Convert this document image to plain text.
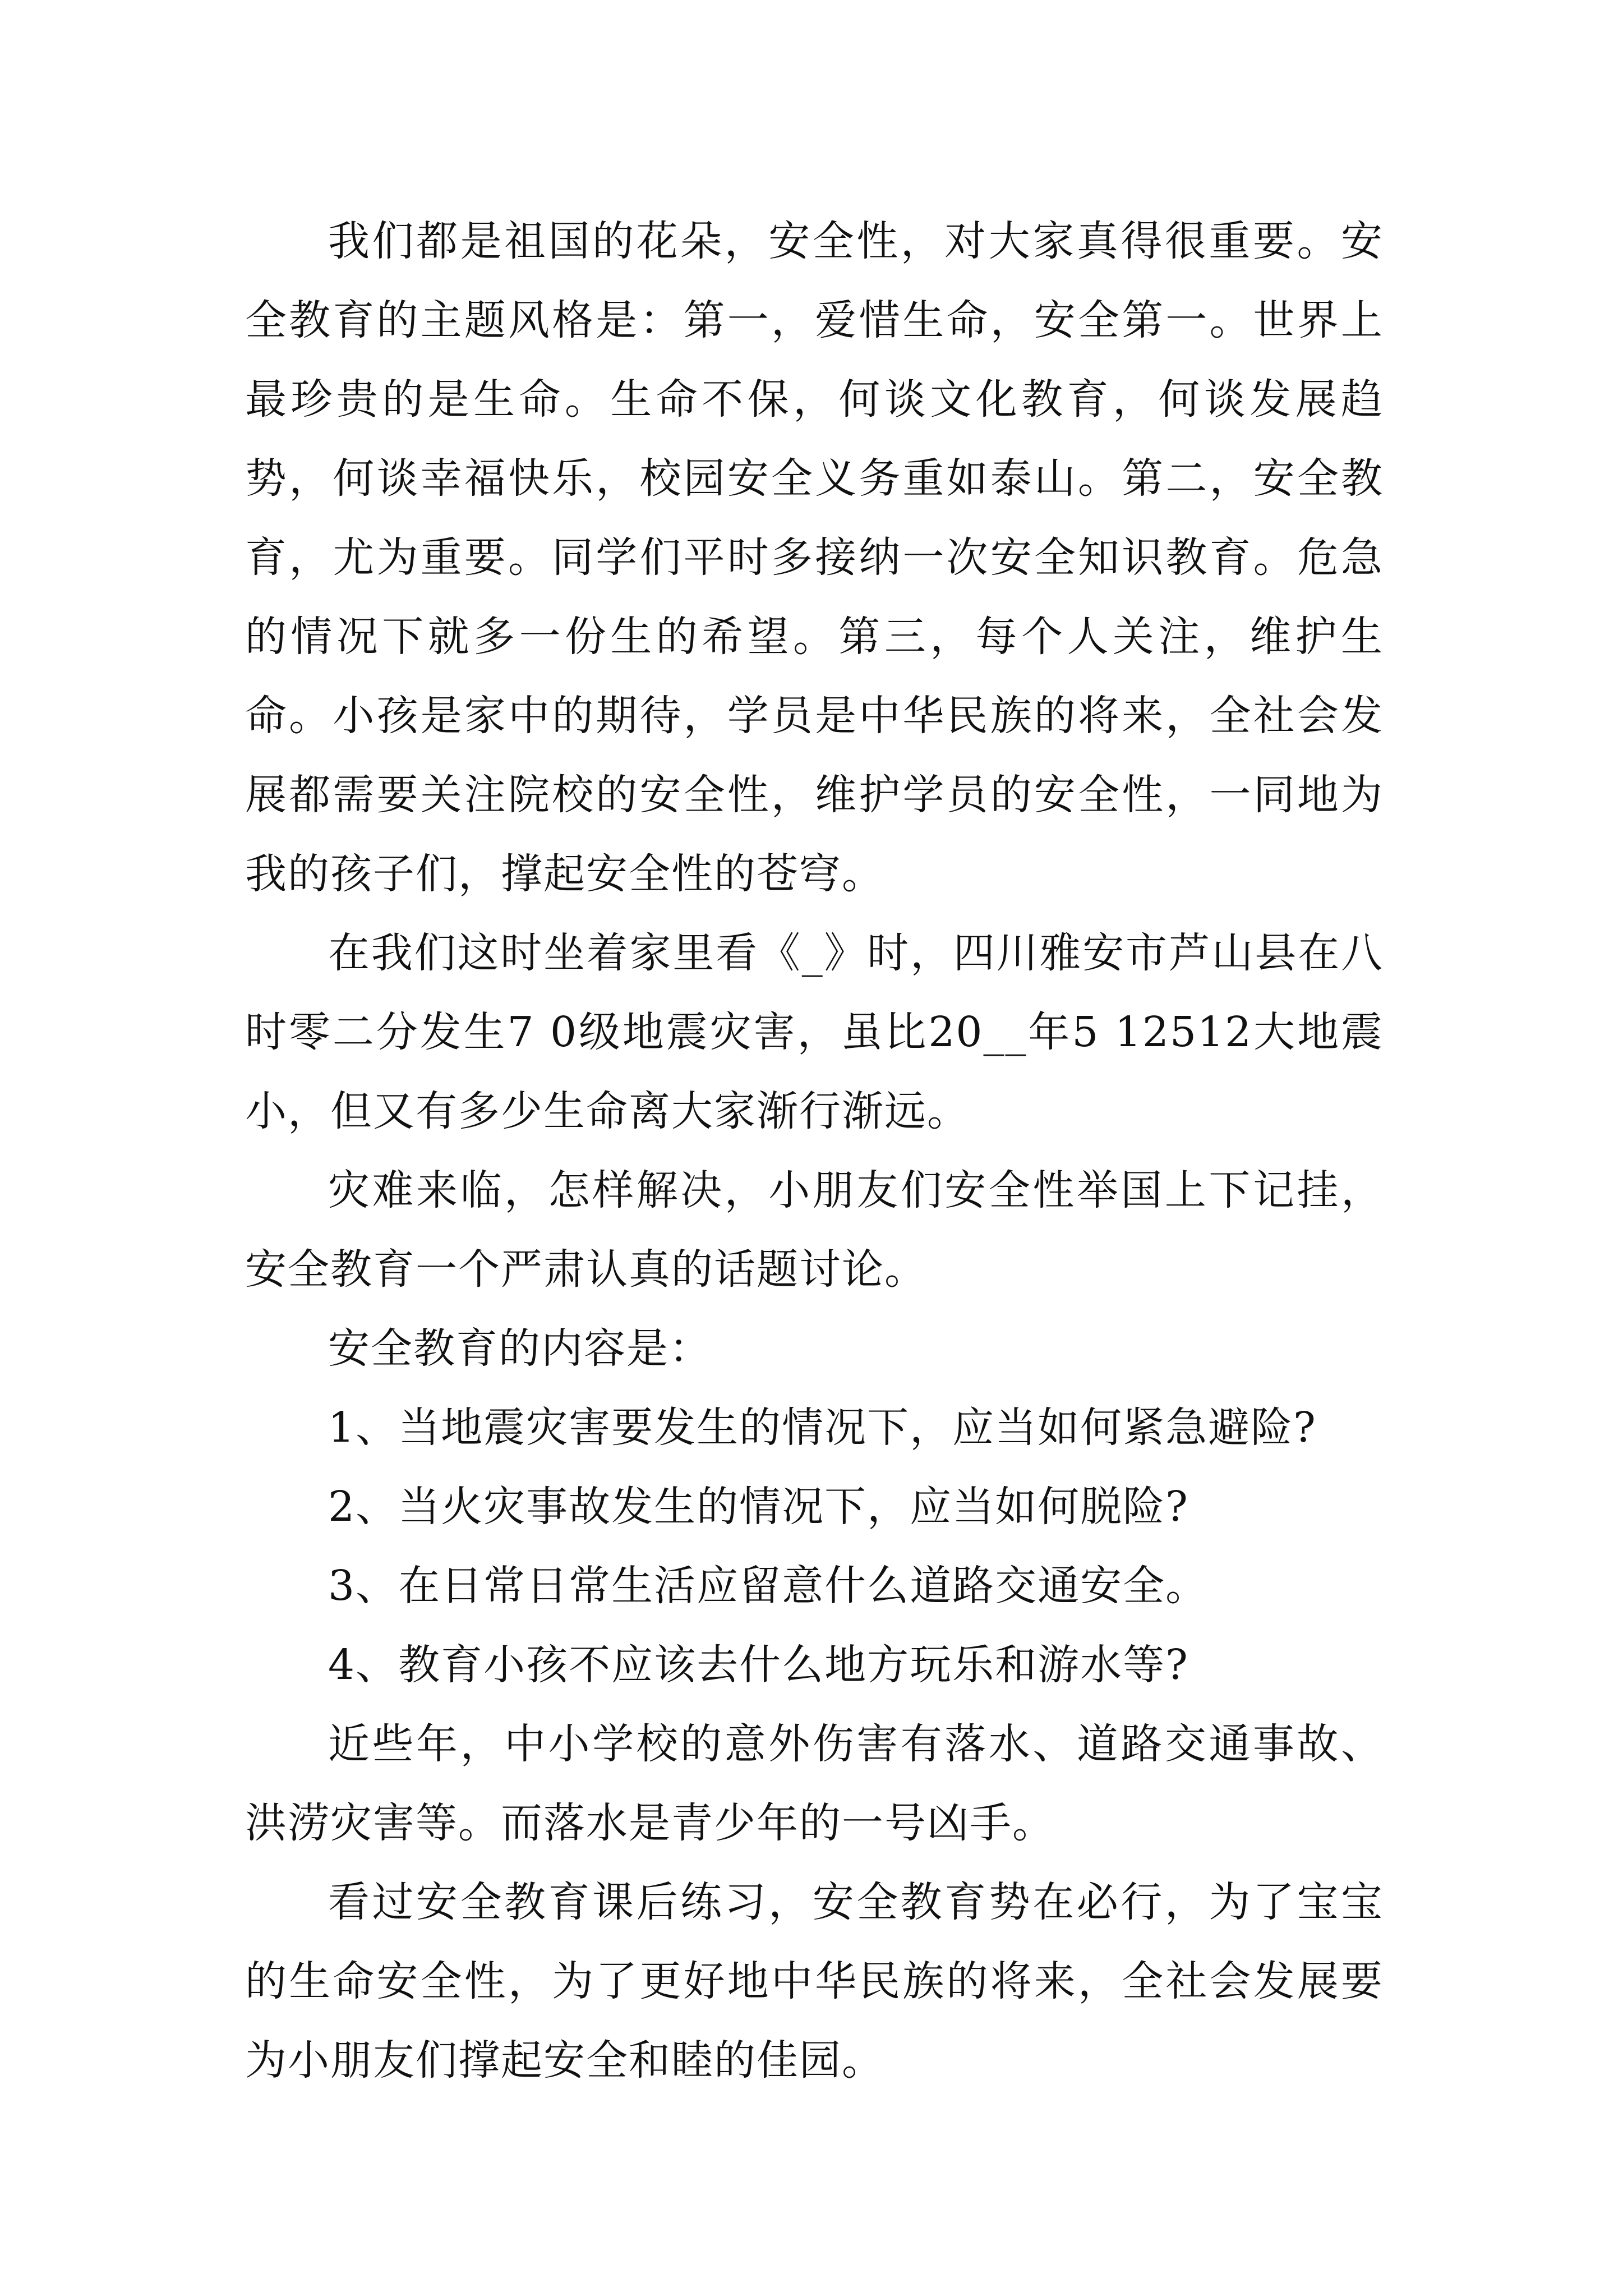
我们都是祖国的花朵，安全性，对大家真得很重要。安全教育的主题风格是：第一，爱惜生命，安全第一。世界上最珍贵的是生命。生命不保，何谈文化教育，何谈发展趋势，何谈幸福快乐，校园安全义务重如泰山。第二，安全教育，尤为重要。同学们平时多接纳一次安全知识教育。危急的情况下就多一份生的希望。第三，每个人关注，维护生命。小孩是家中的期待，学员是中华民族的将来，全社会发展都需要关注院校的安全性，维护学员的安全性，一同地为我的孩子们，撑起安全性的苍穹。

在我们这时坐着家里看《_》时，四川雅安市芦山县在八时零二分发生7 0级地震灾害，虽比20__年5 12512大地震小，但又有多少生命离大家渐行渐远。

灾难来临，怎样解决，小朋友们安全性举国上下记挂，安全教育一个严肃认真的话题讨论。

安全教育的内容是：

1、当地震灾害要发生的情况下，应当如何紧急避险?

2、当火灾事故发生的情况下，应当如何脱险?

3、在日常日常生活应留意什么道路交通安全。

4、教育小孩不应该去什么地方玩乐和游水等?

近些年，中小学校的意外伤害有落水、道路交通事故、洪涝灾害等。而落水是青少年的一号凶手。

看过安全教育课后练习，安全教育势在必行，为了宝宝的生命安全性，为了更好地中华民族的将来，全社会发展要为小朋友们撑起安全和睦的佳园。
